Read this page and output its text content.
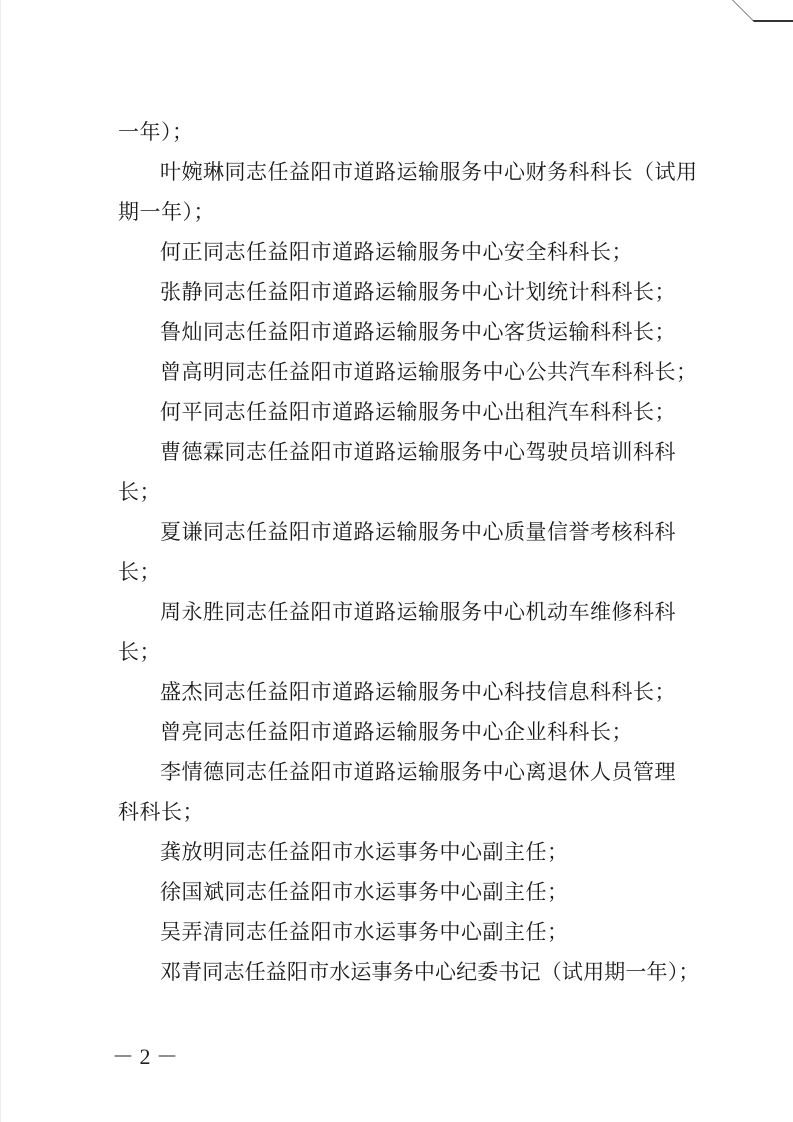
一年）；
叶婉琳同志任益阳市道路运输服务中心财务科科长（试用
期一年）；
何正同志任益阳市道路运输服务中心安全科科长；
张静同志任益阳市道路运输服务中心计划统计科科长；
鲁灿同志任益阳市道路运输服务中心客货运输科科长；
曾高明同志任益阳市道路运输服务中心公共汽车科科长；
何平同志任益阳市道路运输服务中心出租汽车科科长；
曹德霖同志任益阳市道路运输服务中心驾驶员培训科科
长；
夏谦同志任益阳市道路运输服务中心质量信誉考核科科
长；
周永胜同志任益阳市道路运输服务中心机动车维修科科
长；
盛杰同志任益阳市道路运输服务中心科技信息科科长；
曾亮同志任益阳市道路运输服务中心企业科科长；
李情德同志任益阳市道路运输服务中心离退休人员管理
科科长；
龚放明同志任益阳市水运事务中心副主任；
徐国斌同志任益阳市水运事务中心副主任；
吴弄清同志任益阳市水运事务中心副主任；
邓青同志任益阳市水运事务中心纪委书记（试用期一年）；
－ 2 －
